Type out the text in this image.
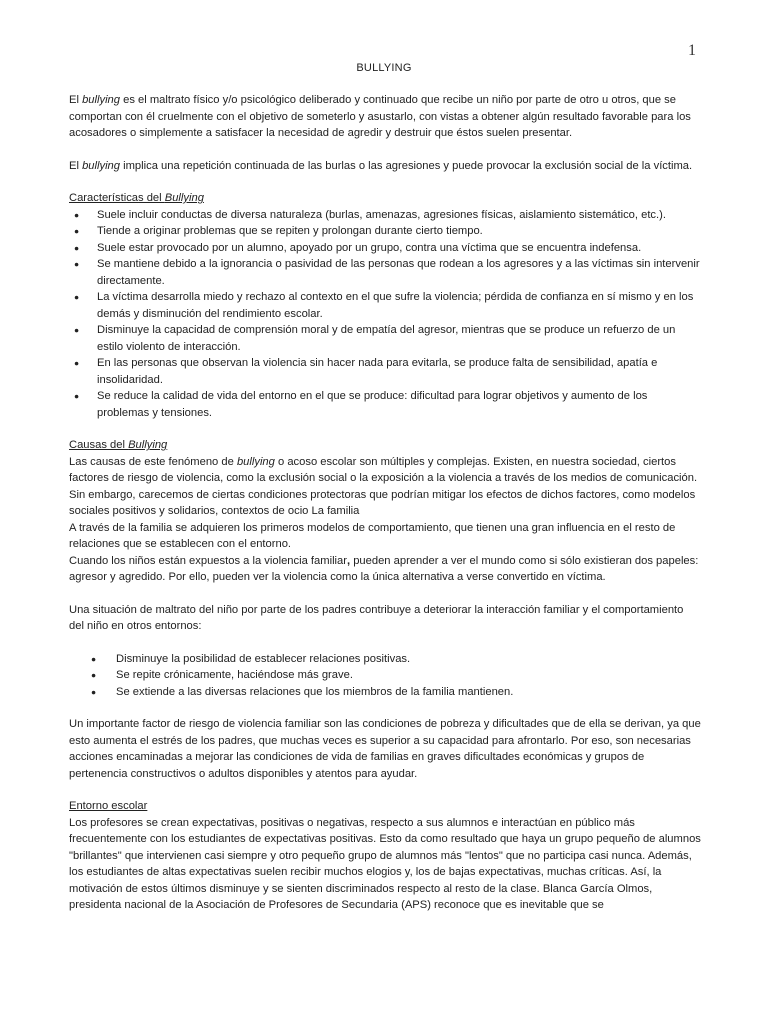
1
BULLYING

El bullying es el maltrato físico y/o psicológico deliberado y continuado que recibe un niño por parte de otro u otros, que se comportan con él cruelmente con el objetivo de someterlo y asustarlo, con vistas a obtener algún resultado favorable para los acosadores o simplemente a satisfacer la necesidad de agredir y destruir que éstos suelen presentar.

El bullying implica una repetición continuada de las burlas o las agresiones y puede provocar la exclusión social de la víctima.

Características del Bullying
● Suele incluir conductas de diversa naturaleza (burlas, amenazas, agresiones físicas, aislamiento sistemático, etc.).
● Tiende a originar problemas que se repiten y prolongan durante cierto tiempo.
● Suele estar provocado por un alumno, apoyado por un grupo, contra una víctima que se encuentra indefensa.
● Se mantiene debido a la ignorancia o pasividad de las personas que rodean a los agresores y a las víctimas sin intervenir directamente.
● La víctima desarrolla miedo y rechazo al contexto en el que sufre la violencia; pérdida de confianza en sí mismo y en los demás y disminución del rendimiento escolar.
● Disminuye la capacidad de comprensión moral y de empatía del agresor, mientras que se produce un refuerzo de un estilo violento de interacción.
● En las personas que observan la violencia sin hacer nada para evitarla, se produce falta de sensibilidad, apatía e insolidaridad.
● Se reduce la calidad de vida del entorno en el que se produce: dificultad para lograr objetivos y aumento de los problemas y tensiones.
Causas del Bullying

Las causas de este fenómeno de bullying o acoso escolar son múltiples y complejas. Existen, en nuestra sociedad, ciertos factores de riesgo de violencia, como la exclusión social o la exposición a la violencia a través de los medios de comunicación. Sin embargo, carecemos de ciertas condiciones protectoras que podrían mitigar los efectos de dichos factores, como modelos sociales positivos y solidarios, contextos de ocio La familia

A través de la familia se adquieren los primeros modelos de comportamiento, que tienen una gran influencia en el resto de relaciones que se establecen con el entorno.

Cuando los niños están expuestos a la violencia familiar, pueden aprender a ver el mundo como si sólo existieran dos papeles: agresor y agredido. Por ello, pueden ver la violencia como la única alternativa a verse convertido en víctima.

Una situación de maltrato del niño por parte de los padres contribuye a deteriorar la interacción familiar y el comportamiento del niño en otros entornos:

● Disminuye la posibilidad de establecer relaciones positivas.
● Se repite crónicamente, haciéndose más grave.
● Se extiende a las diversas relaciones que los miembros de la familia mantienen.

Un importante factor de riesgo de violencia familiar son las condiciones de pobreza y dificultades que de ella se derivan, ya que esto aumenta el estrés de los padres, que muchas veces es superior a su capacidad para afrontarlo. Por eso, son necesarias acciones encaminadas a mejorar las condiciones de vida de familias en graves dificultades económicas y grupos de pertenencia constructivos o adultos disponibles y atentos para ayudar.

Entorno escolar

Los profesores se crean expectativas, positivas o negativas, respecto a sus alumnos e interactúan en público más frecuentemente con los estudiantes de expectativas positivas. Esto da como resultado que haya un grupo pequeño de alumnos "brillantes" que intervienen casi siempre y otro pequeño grupo de alumnos más "lentos" que no participa casi nunca. Además, los estudiantes de altas expectativas suelen recibir muchos elogios y, los de bajas expectativas, muchas críticas. Así, la motivación de estos últimos disminuye y se sienten discriminados respecto al resto de la clase. Blanca García Olmos, presidenta nacional de la Asociación de Profesores de Secundaria (APS) reconoce que es inevitable que se
